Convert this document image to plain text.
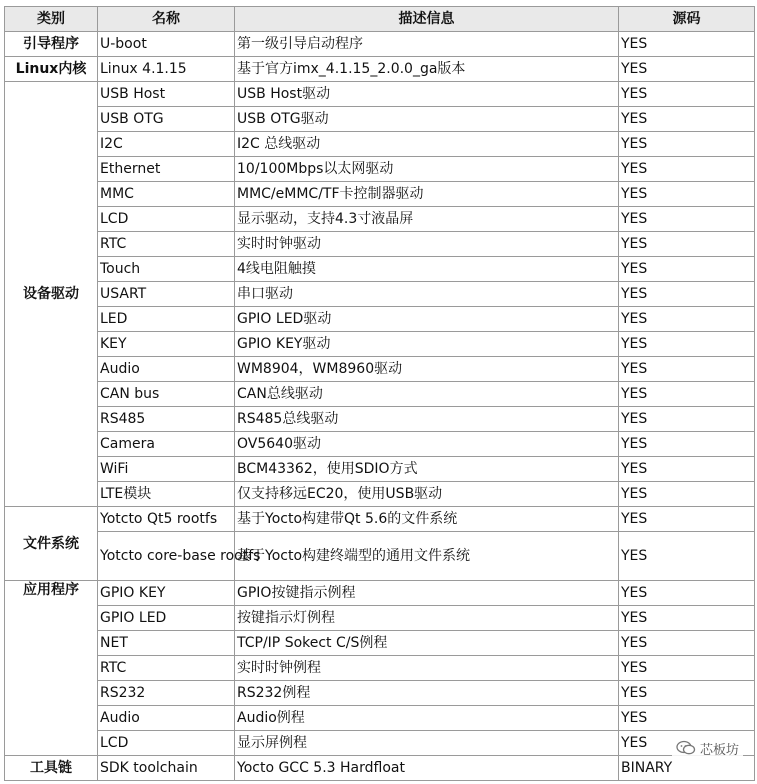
类别	名称	描述信息	源码
引导程序	U-boot	第一级引导启动程序	YES
Linux内核	Linux 4.1.15	基于官方imx_4.1.15_2.0.0_ga版本	YES
设备驱动	USB Host	USB Host驱动	YES
	USB OTG	USB OTG驱动	YES
	I2C	I2C 总线驱动	YES
	Ethernet	10/100Mbps以太网驱动	YES
	MMC	MMC/eMMC/TF卡控制器驱动	YES
	LCD	显示驱动，支持4.3寸液晶屏	YES
	RTC	实时时钟驱动	YES
	Touch	4线电阻触摸	YES
	USART	串口驱动	YES
	LED	GPIO LED驱动	YES
	KEY	GPIO KEY驱动	YES
	Audio	WM8904，WM8960驱动	YES
	CAN bus	CAN总线驱动	YES
	RS485	RS485总线驱动	YES
	Camera	OV5640驱动	YES
	WiFi	BCM43362，使用SDIO方式	YES
	LTE模块	仅支持移远EC20，使用USB驱动	YES
文件系统	Yotcto Qt5 rootfs	基于Yocto构建带Qt 5.6的文件系统	YES
	Yotcto core-base rootfs	基于Yocto构建终端型的通用文件系统	YES
应用程序	GPIO KEY	GPIO按键指示例程	YES
	GPIO LED	按键指示灯例程	YES
	NET	TCP/IP Sokect C/S例程	YES
	RTC	实时时钟例程	YES
	RS232	RS232例程	YES
	Audio	Audio例程	YES
	LCD	显示屏例程	YES
工具链	SDK toolchain	Yocto GCC 5.3 Hardfloat	BINARY
芯板坊
